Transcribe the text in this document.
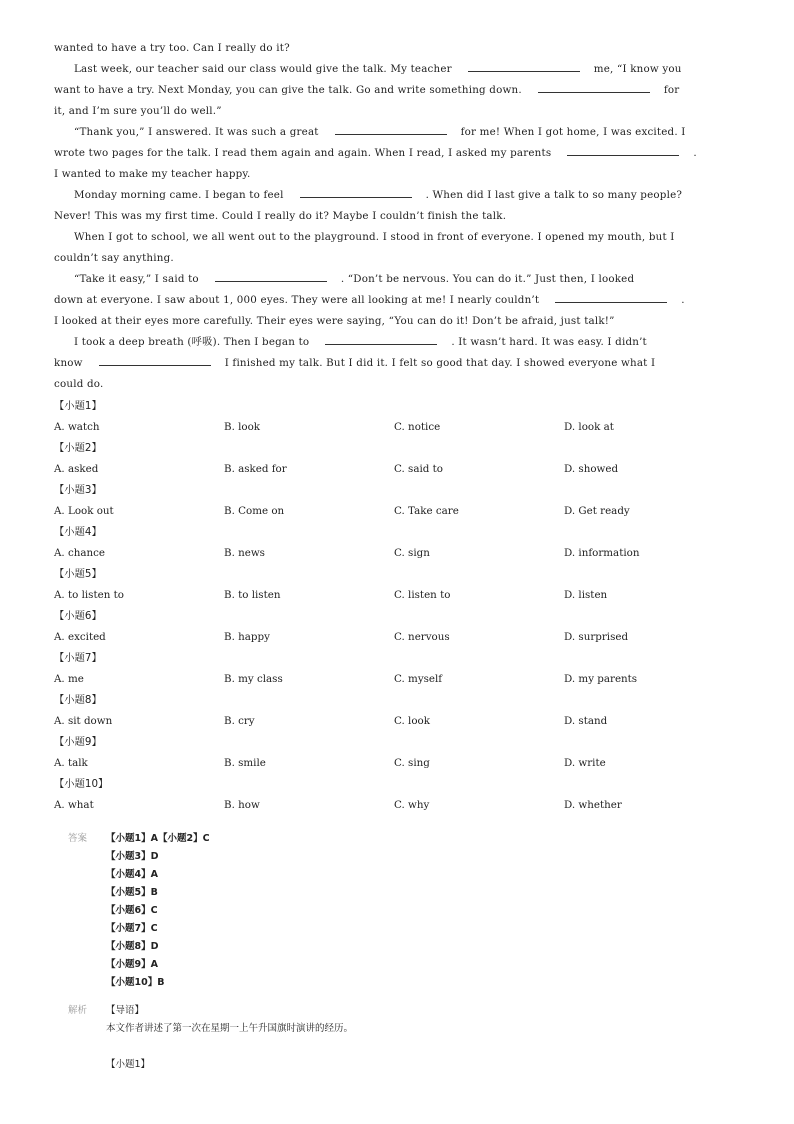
wanted to have a try too. Can I really do it?
Last week, our teacher said our class would give the talk. My teacher	me, “I know you
want to have a try. Next Monday, you can give the talk. Go and write something down.	for
it, and I’m sure you’ll do well.”
“Thank you,” I answered. It was such a great	for me! When I got home, I was excited. I
wrote two pages for the talk. I read them again and again. When I read, I asked my parents	.
I wanted to make my teacher happy.
Monday morning came. I began to feel	. When did I last give a talk to so many people?
Never! This was my first time. Could I really do it? Maybe I couldn’t finish the talk.
When I got to school, we all went out to the playground. I stood in front of everyone. I opened my mouth, but I
couldn’t say anything.
“Take it easy,” I said to	. “Don’t be nervous. You can do it.” Just then, I looked
down at everyone. I saw about 1, 000 eyes. They were all looking at me! I nearly couldn’t	.
I looked at their eyes more carefully. Their eyes were saying, “You can do it! Don’t be afraid, just talk!”
I took a deep breath (呼吸). Then I began to	. It wasn’t hard. It was easy. I didn’t
know	I finished my talk. But I did it. I felt so good that day. I showed everyone what I
could do.
【小题1】
A. watch	B. look	C. notice	D. look at
【小题2】
A. asked	B. asked for	C. said to	D. showed
【小题3】
A. Look out	B. Come on	C. Take care	D. Get ready
【小题4】
A. chance	B. news	C. sign	D. information
【小题5】
A. to listen to	B. to listen	C. listen to	D. listen
【小题6】
A. excited	B. happy	C. nervous	D. surprised
【小题7】
A. me	B. my class	C. myself	D. my parents
【小题8】
A. sit down	B. cry	C. look	D. stand
【小题9】
A. talk	B. smile	C. sing	D. write
【小题10】
A. what	B. how	C. why	D. whether
答案	【小题1】A【小题2】C
【小题3】D
【小题4】A
【小题5】B
【小题6】C
【小题7】C
【小题8】D
【小题9】A
【小题10】B
解析	【导语】
本文作者讲述了第一次在星期一上午升国旗时演讲的经历。
【小题1】
